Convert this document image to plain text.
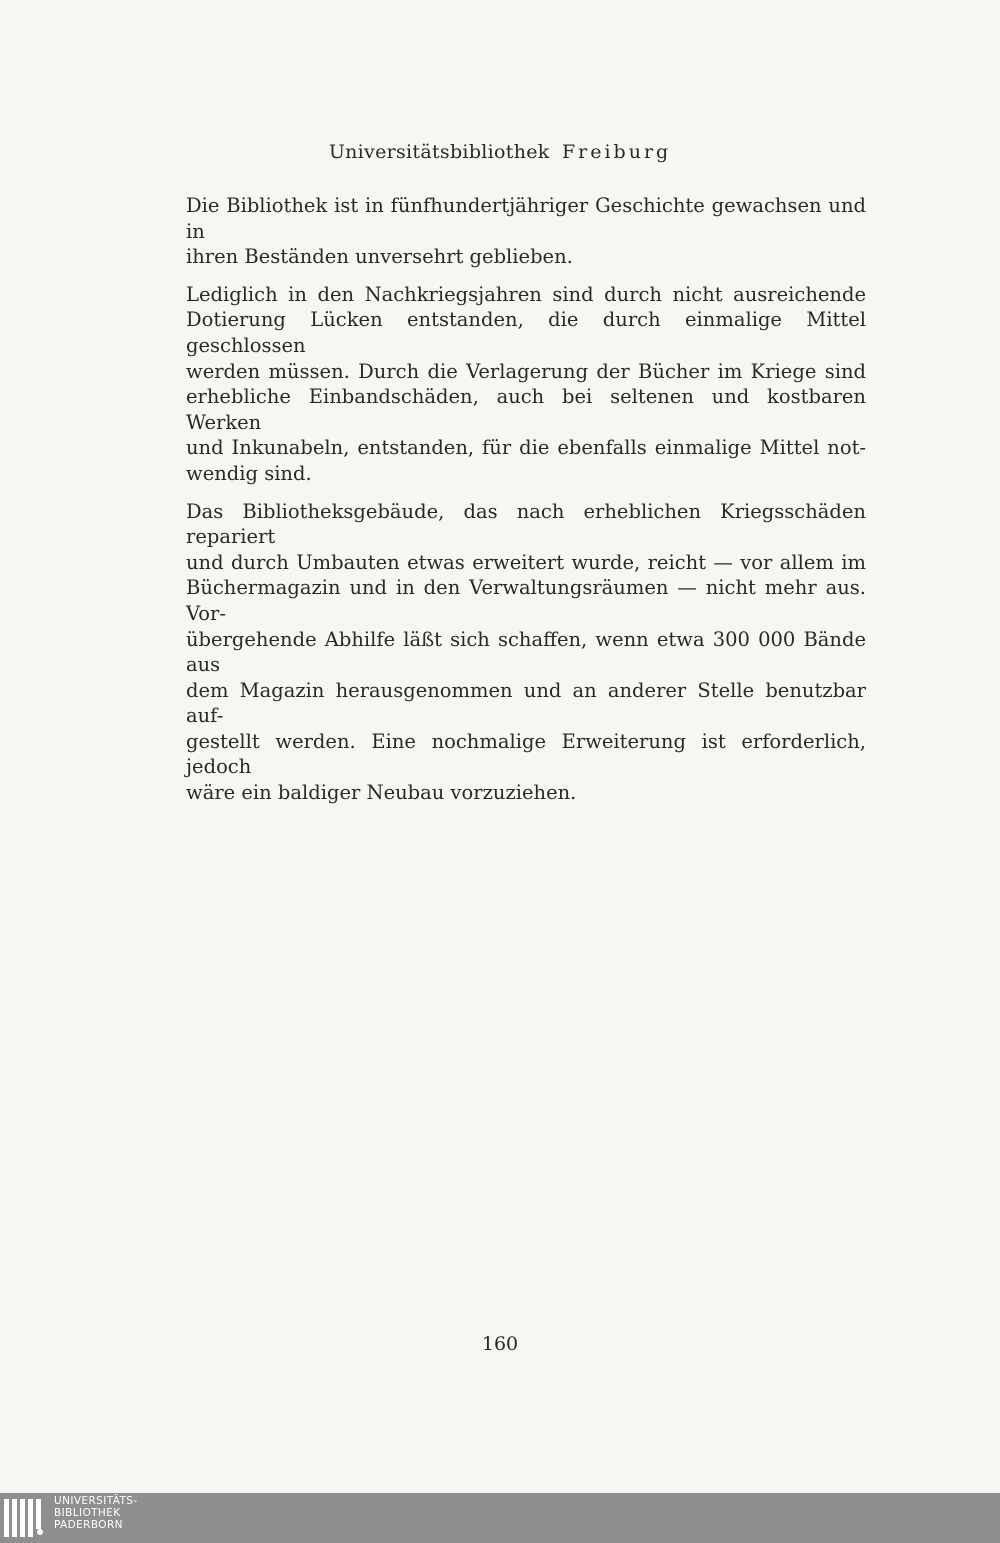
Universitätsbibliothek Freiburg

Die Bibliothek ist in fünfhundertjähriger Geschichte gewachsen und in
ihren Beständen unversehrt geblieben.

Lediglich in den Nachkriegsjahren sind durch nicht ausreichende
Dotierung Lücken entstanden, die durch einmalige Mittel geschlossen
werden müssen. Durch die Verlagerung der Bücher im Kriege sind
erhebliche Einbandschäden, auch bei seltenen und kostbaren Werken
und Inkunabeln, entstanden, für die ebenfalls einmalige Mittel not-
wendig sind.

Das Bibliotheksgebäude, das nach erheblichen Kriegsschäden repariert
und durch Umbauten etwas erweitert wurde, reicht — vor allem im
Büchermagazin und in den Verwaltungsräumen — nicht mehr aus. Vor-
übergehende Abhilfe läßt sich schaffen, wenn etwa 300 000 Bände aus
dem Magazin herausgenommen und an anderer Stelle benutzbar auf-
gestellt werden. Eine nochmalige Erweiterung ist erforderlich, jedoch
wäre ein baldiger Neubau vorzuziehen.

160
UNIVERSITÄTS-
BIBLIOTHEK
PADERBORN
